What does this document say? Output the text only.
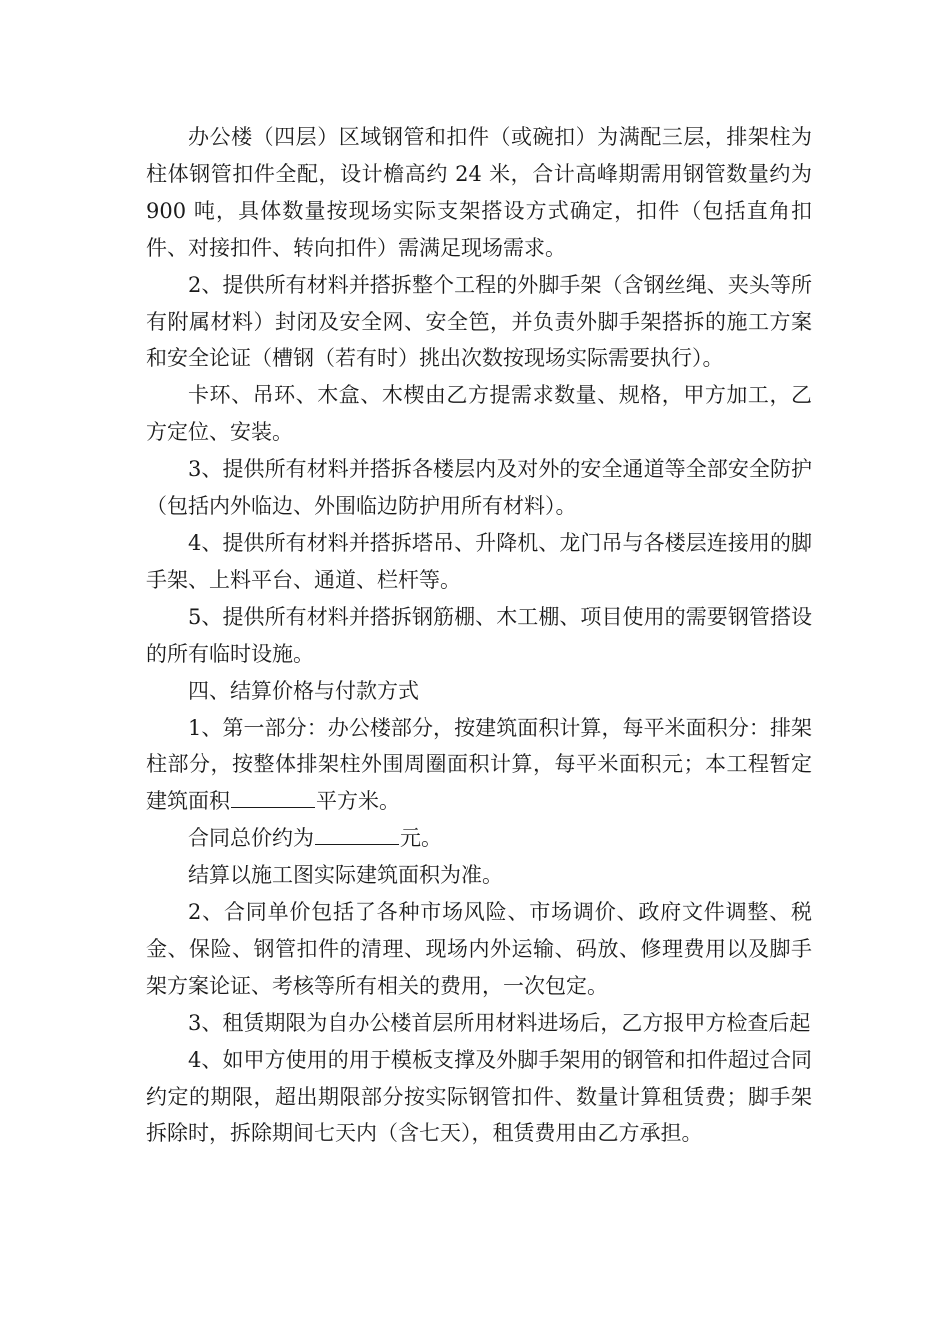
办公楼（四层）区域钢管和扣件（或碗扣）为满配三层，排架柱为柱体钢管扣件全配，设计檐高约 24 米，合计高峰期需用钢管数量约为 900 吨，具体数量按现场实际支架搭设方式确定，扣件（包括直角扣件、对接扣件、转向扣件）需满足现场需求。

2、提供所有材料并搭拆整个工程的外脚手架（含钢丝绳、夹头等所有附属材料）封闭及安全网、安全笆，并负责外脚手架搭拆的施工方案和安全论证（槽钢（若有时）挑出次数按现场实际需要执行）。

卡环、吊环、木盒、木楔由乙方提需求数量、规格，甲方加工，乙方定位、安装。

3、提供所有材料并搭拆各楼层内及对外的安全通道等全部安全防护（包括内外临边、外围临边防护用所有材料）。

4、提供所有材料并搭拆塔吊、升降机、龙门吊与各楼层连接用的脚手架、上料平台、通道、栏杆等。

5、提供所有材料并搭拆钢筋棚、木工棚、项目使用的需要钢管搭设的所有临时设施。

四、结算价格与付款方式

1、第一部分：办公楼部分，按建筑面积计算，每平米面积分：排架柱部分，按整体排架柱外围周圈面积计算，每平米面积元；本工程暂定建筑面积	平方米。

合同总价约为	元。

结算以施工图实际建筑面积为准。

2、合同单价包括了各种市场风险、市场调价、政府文件调整、税金、保险、钢管扣件的清理、现场内外运输、码放、修理费用以及脚手架方案论证、考核等所有相关的费用，一次包定。

3、租赁期限为自办公楼首层所用材料进场后，乙方报甲方检查后起

4、如甲方使用的用于模板支撑及外脚手架用的钢管和扣件超过合同约定的期限，超出期限部分按实际钢管扣件、数量计算租赁费；脚手架拆除时，拆除期间七天内（含七天），租赁费用由乙方承担。
